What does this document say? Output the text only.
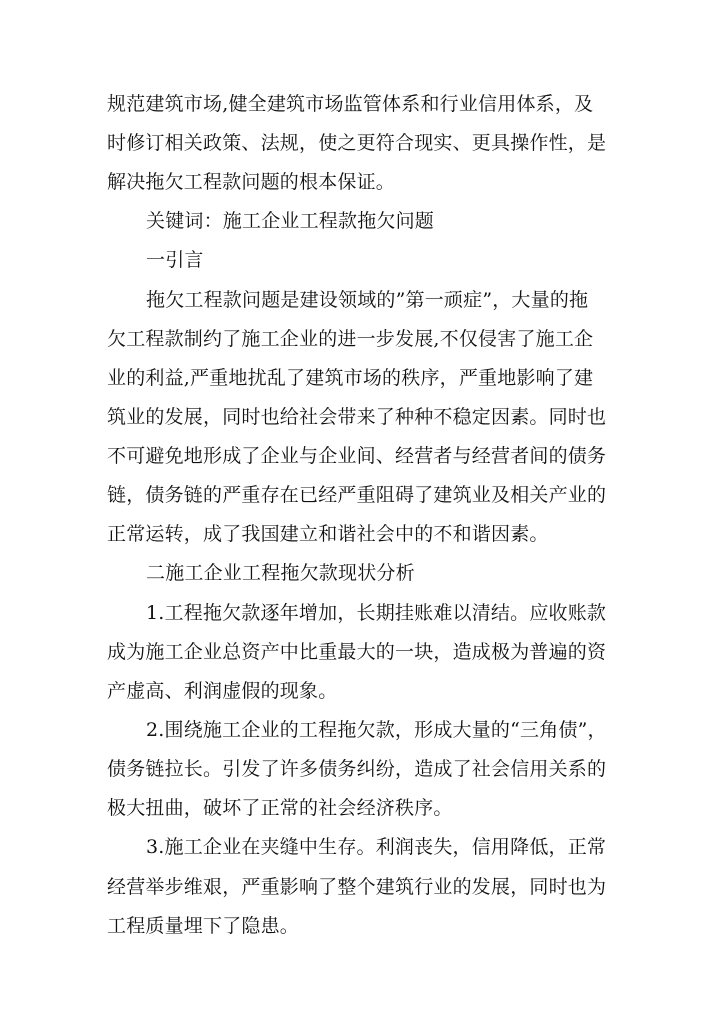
规范建筑市场,健全建筑市场监管体系和行业信用体系，及
时修订相关政策、法规，使之更符合现实、更具操作性，是
解决拖欠工程款问题的根本保证。
关键词：施工企业工程款拖欠问题
一引言
拖欠工程款问题是建设领域的”第一顽症”，大量的拖
欠工程款制约了施工企业的进一步发展,不仅侵害了施工企
业的利益,严重地扰乱了建筑市场的秩序，严重地影响了建
筑业的发展，同时也给社会带来了种种不稳定因素。同时也
不可避免地形成了企业与企业间、经营者与经营者间的债务
链，债务链的严重存在已经严重阻碍了建筑业及相关产业的
正常运转，成了我国建立和谐社会中的不和谐因素。
二施工企业工程拖欠款现状分析
1.工程拖欠款逐年增加，长期挂账难以清结。应收账款
成为施工企业总资产中比重最大的一块，造成极为普遍的资
产虚高、利润虚假的现象。
2.围绕施工企业的工程拖欠款，形成大量的“三角债”，
债务链拉长。引发了许多债务纠纷，造成了社会信用关系的
极大扭曲，破坏了正常的社会经济秩序。
3.施工企业在夹缝中生存。利润丧失，信用降低，正常
经营举步维艰，严重影响了整个建筑行业的发展，同时也为
工程质量埋下了隐患。
